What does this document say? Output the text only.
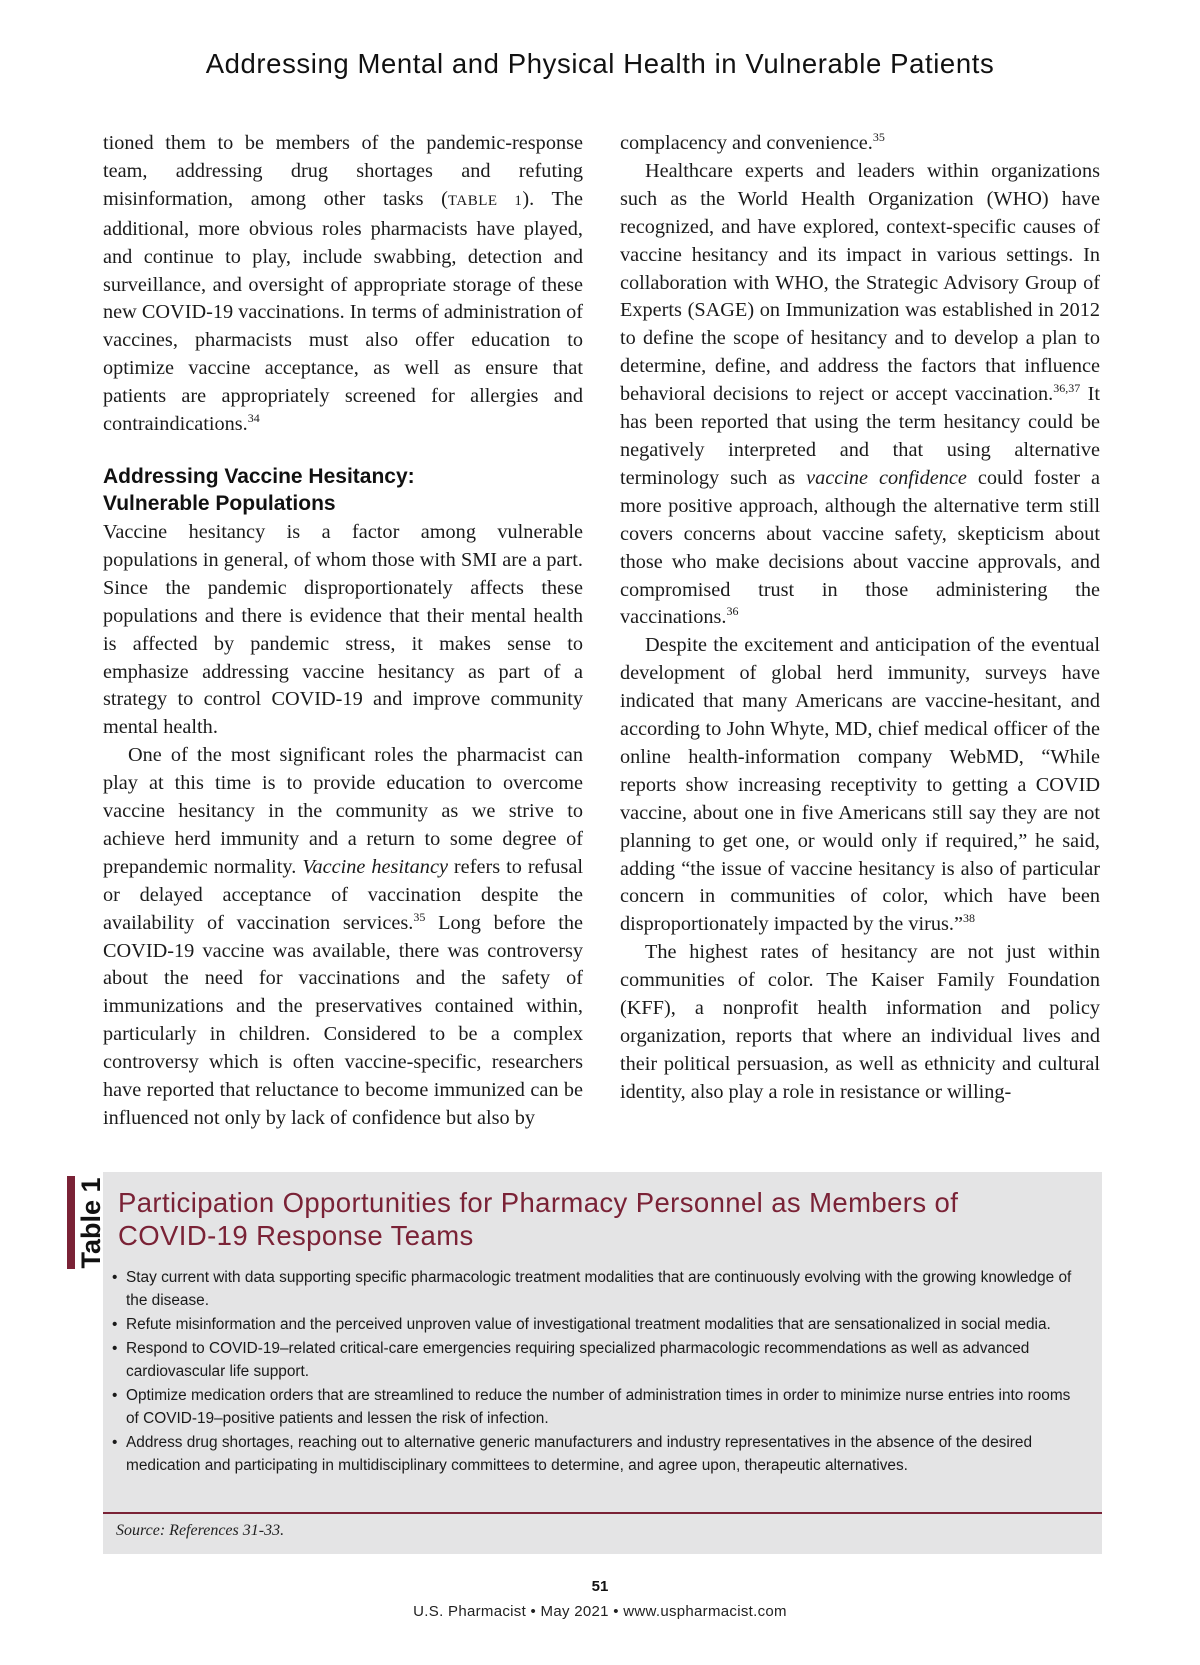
Addressing Mental and Physical Health in Vulnerable Patients

tioned them to be members of the pandemic-response team, addressing drug shortages and refuting misinformation, among other tasks (TABLE 1). The additional, more obvious roles pharmacists have played, and continue to play, include swabbing, detection and surveillance, and oversight of appropriate storage of these new COVID-19 vaccinations. In terms of administration of vaccines, pharmacists must also offer education to optimize vaccine acceptance, as well as ensure that patients are appropriately screened for allergies and contraindications.$^{34}$

Addressing Vaccine Hesitancy:
Vulnerable Populations

Vaccine hesitancy is a factor among vulnerable populations in general, of whom those with SMI are a part. Since the pandemic disproportionately affects these populations and there is evidence that their mental health is affected by pandemic stress, it makes sense to emphasize addressing vaccine hesitancy as part of a strategy to control COVID-19 and improve community mental health.

One of the most significant roles the pharmacist can play at this time is to provide education to overcome vaccine hesitancy in the community as we strive to achieve herd immunity and a return to some degree of prepandemic normality. Vaccine hesitancy refers to refusal or delayed acceptance of vaccination despite the availability of vaccination services.$^{35}$ Long before the COVID-19 vaccine was available, there was controversy about the need for vaccinations and the safety of immunizations and the preservatives contained within, particularly in children. Considered to be a complex controversy which is often vaccine-specific, researchers have reported that reluctance to become immunized can be influenced not only by lack of confidence but also by

complacency and convenience.$^{35}$

Healthcare experts and leaders within organizations such as the World Health Organization (WHO) have recognized, and have explored, context-specific causes of vaccine hesitancy and its impact in various settings. In collaboration with WHO, the Strategic Advisory Group of Experts (SAGE) on Immunization was established in 2012 to define the scope of hesitancy and to develop a plan to determine, define, and address the factors that influence behavioral decisions to reject or accept vaccination.$^{36,37}$ It has been reported that using the term hesitancy could be negatively interpreted and that using alternative terminology such as vaccine confidence could foster a more positive approach, although the alternative term still covers concerns about vaccine safety, skepticism about those who make decisions about vaccine approvals, and compromised trust in those administering the vaccinations.$^{36}$

Despite the excitement and anticipation of the eventual development of global herd immunity, surveys have indicated that many Americans are vaccine-hesitant, and according to John Whyte, MD, chief medical officer of the online health-information company WebMD, “While reports show increasing receptivity to getting a COVID vaccine, about one in five Americans still say they are not planning to get one, or would only if required,” he said, adding “the issue of vaccine hesitancy is also of particular concern in communities of color, which have been disproportionately impacted by the virus.”$^{38}$

The highest rates of hesitancy are not just within communities of color. The Kaiser Family Foundation (KFF), a nonprofit health information and policy organization, reports that where an individual lives and their political persuasion, as well as ethnicity and cultural identity, also play a role in resistance or willing-

Table 1 Participation Opportunities for Pharmacy Personnel as Members of COVID-19 Response Teams
• Stay current with data supporting specific pharmacologic treatment modalities that are continuously evolving with the growing knowledge of the disease.
• Refute misinformation and the perceived unproven value of investigational treatment modalities that are sensationalized in social media.
• Respond to COVID-19–related critical-care emergencies requiring specialized pharmacologic recommendations as well as advanced cardiovascular life support.
• Optimize medication orders that are streamlined to reduce the number of administration times in order to minimize nurse entries into rooms of COVID-19–positive patients and lessen the risk of infection.
• Address drug shortages, reaching out to alternative generic manufacturers and industry representatives in the absence of the desired medication and participating in multidisciplinary committees to determine, and agree upon, therapeutic alternatives.
Source: References 31-33.
51
U.S. Pharmacist • May 2021 • www.uspharmacist.com
